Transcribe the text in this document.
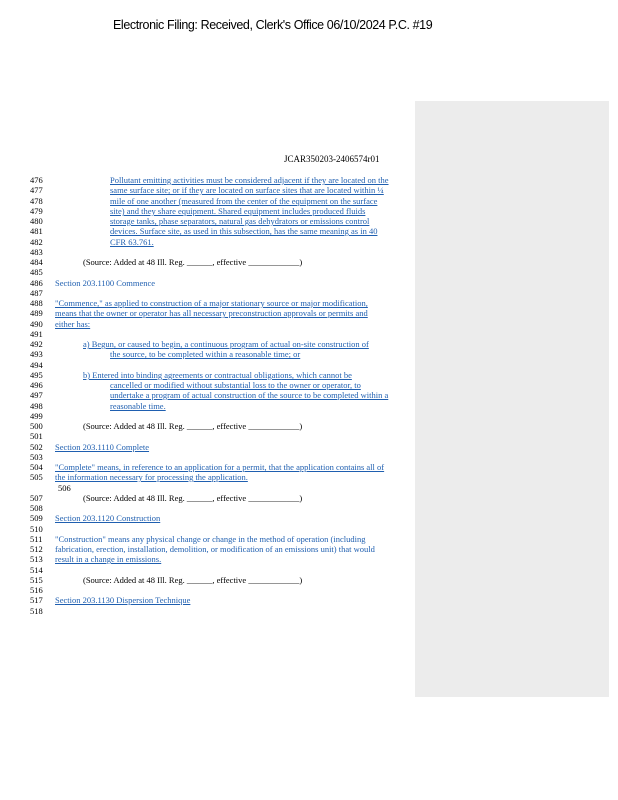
Electronic Filing: Received, Clerk's Office 06/10/2024 P.C. #19
JCAR350203-2406574r01
476	Pollutant emitting activities must be considered adjacent if they are located on the
477	same surface site; or if they are located on surface sites that are located within ¼
478	mile of one another (measured from the center of the equipment on the surface
479	site) and they share equipment. Shared equipment includes produced fluids
480	storage tanks, phase separators, natural gas dehydrators or emissions control
481	devices. Surface site, as used in this subsection, has the same meaning as in 40
482	CFR 63.761.
483
484	(Source: Added at 48 Ill. Reg. ______, effective ____________)
485
486	Section 203.1100 Commence
487
488	"Commence," as applied to construction of a major stationary source or major modification,
489	means that the owner or operator has all necessary preconstruction approvals or permits and
490	either has:
491
492	a) Begun, or caused to begin, a continuous program of actual on-site construction of
493	the source, to be completed within a reasonable time; or
494
495	b) Entered into binding agreements or contractual obligations, which cannot be
496	cancelled or modified without substantial loss to the owner or operator, to
497	undertake a program of actual construction of the source to be completed within a
498	reasonable time.
499
500	(Source: Added at 48 Ill. Reg. ______, effective ____________)
501
502	Section 203.1110 Complete
503
504	"Complete" means, in reference to an application for a permit, that the application contains all of
505	the information necessary for processing the application.
506
507	(Source: Added at 48 Ill. Reg. ______, effective ____________)
508
509	Section 203.1120 Construction
510
511	"Construction" means any physical change or change in the method of operation (including
512	fabrication, erection, installation, demolition, or modification of an emissions unit) that would
513	result in a change in emissions.
514
515	(Source: Added at 48 Ill. Reg. ______, effective ____________)
516
517	Section 203.1130 Dispersion Technique
518
